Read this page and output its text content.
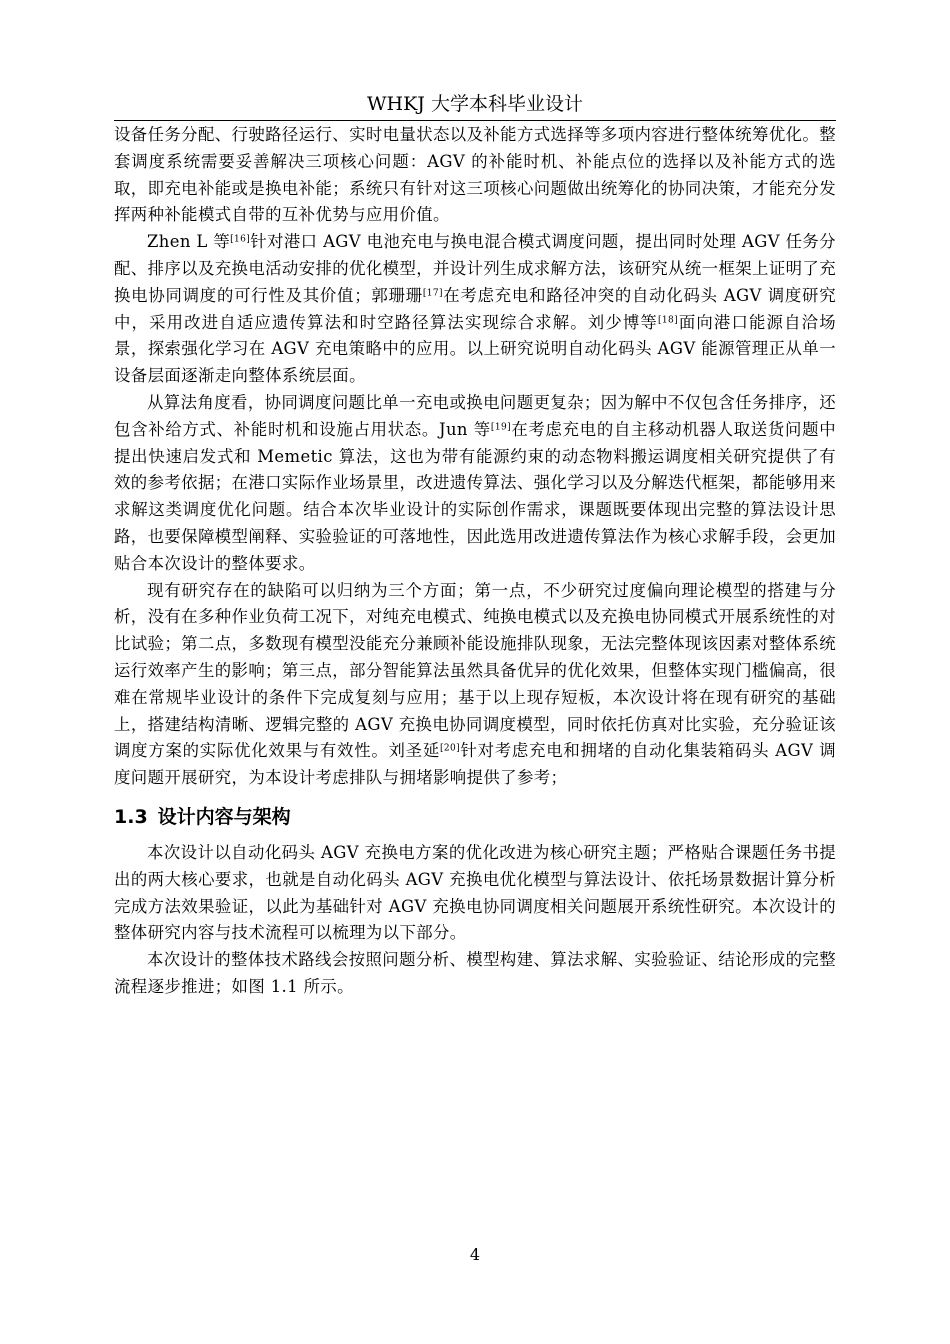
WHKJ 大学本科毕业设计

设备任务分配、行驶路径运行、实时电量状态以及补能方式选择等多项内容进行整体统筹优化。整套调度系统需要妥善解决三项核心问题：AGV 的补能时机、补能点位的选择以及补能方式的选取，即充电补能或是换电补能；系统只有针对这三项核心问题做出统筹化的协同决策，才能充分发挥两种补能模式自带的互补优势与应用价值。

Zhen L 等[16]针对港口 AGV 电池充电与换电混合模式调度问题，提出同时处理 AGV 任务分配、排序以及充换电活动安排的优化模型，并设计列生成求解方法，该研究从统一框架上证明了充换电协同调度的可行性及其价值；郭珊珊[17]在考虑充电和路径冲突的自动化码头 AGV 调度研究中，采用改进自适应遗传算法和时空路径算法实现综合求解。刘少博等[18]面向港口能源自洽场景，探索强化学习在 AGV 充电策略中的应用。以上研究说明自动化码头 AGV 能源管理正从单一设备层面逐渐走向整体系统层面。

从算法角度看，协同调度问题比单一充电或换电问题更复杂；因为解中不仅包含任务排序，还包含补给方式、补能时机和设施占用状态。Jun 等[19]在考虑充电的自主移动机器人取送货问题中提出快速启发式和 Memetic 算法，这也为带有能源约束的动态物料搬运调度相关研究提供了有效的参考依据；在港口实际作业场景里，改进遗传算法、强化学习以及分解迭代框架，都能够用来求解这类调度优化问题。结合本次毕业设计的实际创作需求，课题既要体现出完整的算法设计思路，也要保障模型阐释、实验验证的可落地性，因此选用改进遗传算法作为核心求解手段，会更加贴合本次设计的整体要求。

现有研究存在的缺陷可以归纳为三个方面；第一点，不少研究过度偏向理论模型的搭建与分析，没有在多种作业负荷工况下，对纯充电模式、纯换电模式以及充换电协同模式开展系统性的对比试验；第二点，多数现有模型没能充分兼顾补能设施排队现象，无法完整体现该因素对整体系统运行效率产生的影响；第三点，部分智能算法虽然具备优异的优化效果，但整体实现门槛偏高，很难在常规毕业设计的条件下完成复刻与应用；基于以上现存短板，本次设计将在现有研究的基础上，搭建结构清晰、逻辑完整的 AGV 充换电协同调度模型，同时依托仿真对比实验，充分验证该调度方案的实际优化效果与有效性。刘圣延[20]针对考虑充电和拥堵的自动化集装箱码头 AGV 调度问题开展研究，为本设计考虑排队与拥堵影响提供了参考；

1.3 设计内容与架构

本次设计以自动化码头 AGV 充换电方案的优化改进为核心研究主题；严格贴合课题任务书提出的两大核心要求，也就是自动化码头 AGV 充换电优化模型与算法设计、依托场景数据计算分析完成方法效果验证，以此为基础针对 AGV 充换电协同调度相关问题展开系统性研究。本次设计的整体研究内容与技术流程可以梳理为以下部分。

本次设计的整体技术路线会按照问题分析、模型构建、算法求解、实验验证、结论形成的完整流程逐步推进；如图 1.1 所示。

4
